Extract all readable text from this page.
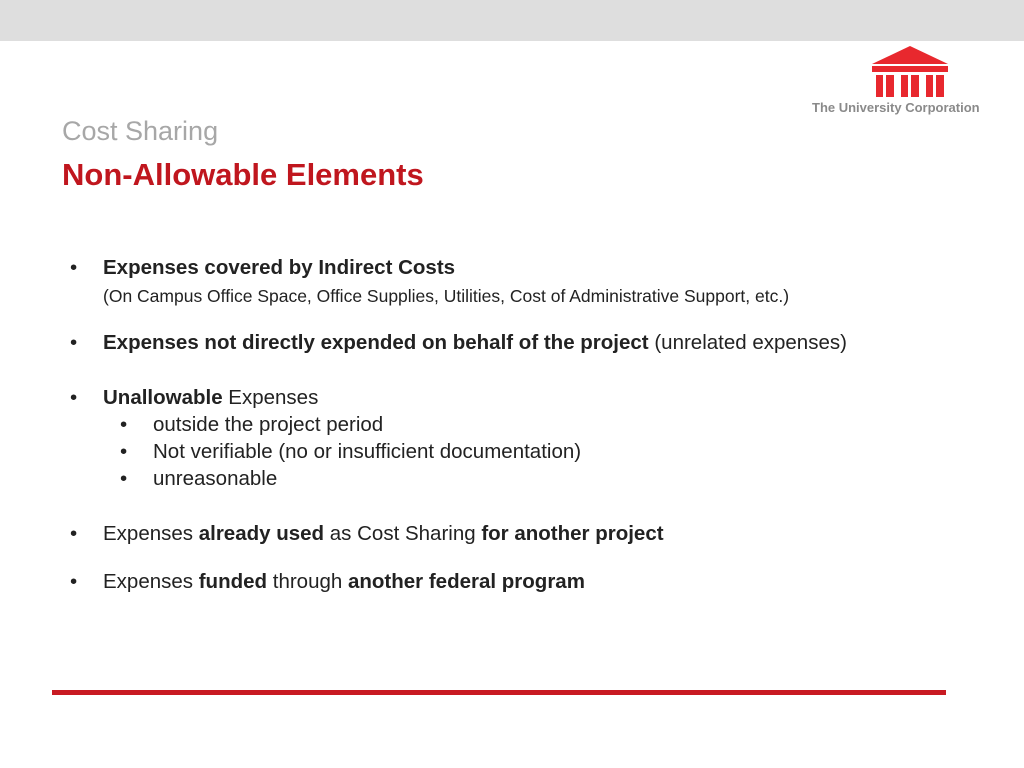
The University Corporation
Cost Sharing
Non-Allowable Elements
•	Expenses covered by Indirect Costs
(On Campus Office Space, Office Supplies, Utilities, Cost of Administrative Support, etc.)
•	Expenses not directly expended on behalf of the project (unrelated expenses)
•	Unallowable Expenses
• outside the project period
• Not verifiable (no or insufficient documentation)
• unreasonable
•	Expenses already used as Cost Sharing for another project
•	Expenses funded through another federal program
